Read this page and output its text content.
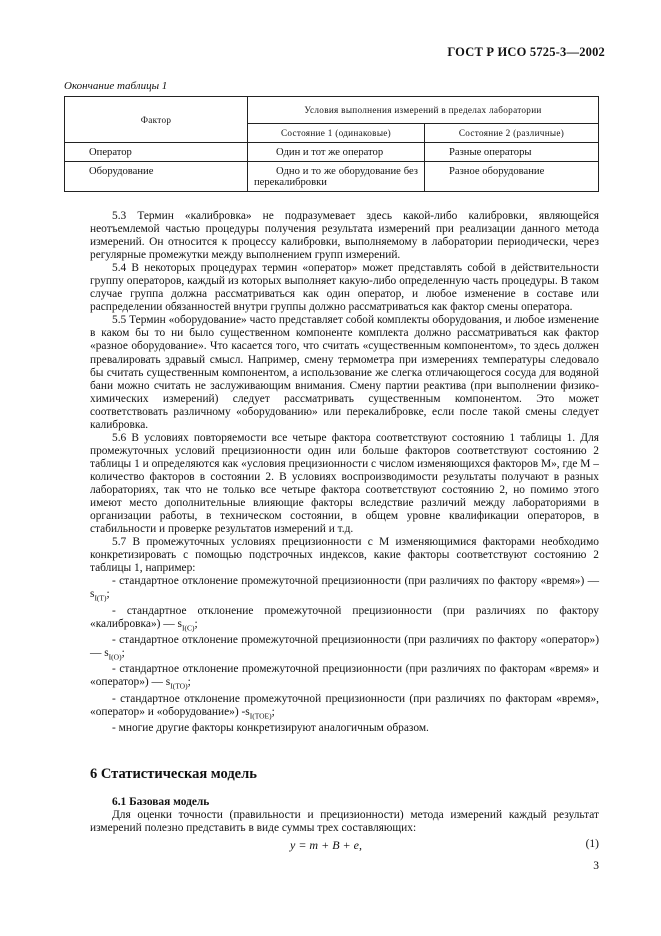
ГОСТ Р ИСО 5725-3—2002
Окончание таблицы 1
Фактор	Условия выполнения измерений в пределах лаборатории	
	Состояние 1 (одинаковые)	Состояние 2 (различные)
Оператор	Один и тот же оператор	Разные операторы
Оборудование	Одно и то же оборудование без перекалибровки	Разное оборудование

5.3 Термин «калибровка» не подразумевает здесь какой-либо калибровки, являющейся неотъемлемой частью процедуры получения результата измерений при реализации данного метода измерений. Он относится к процессу калибровки, выполняемому в лаборатории периодически, через регулярные промежутки между выполнением групп измерений.

5.4 В некоторых процедурах термин «оператор» может представлять собой в действительности группу операторов, каждый из которых выполняет какую-либо определенную часть процедуры. В таком случае группа должна рассматриваться как один оператор, и любое изменение в составе или распределении обязанностей внутри группы должно рассматриваться как фактор смены оператора.

5.5 Термин «оборудование» часто представляет собой комплекты оборудования, и любое изменение в каком бы то ни было существенном компоненте комплекта должно рассматриваться как фактор «разное оборудование». Что касается того, что считать «существенным компонентом», то здесь должен превалировать здравый смысл. Например, смену термометра при измерениях температуры следовало бы считать существенным компонентом, а использование же слегка отличающегося сосуда для водяной бани можно считать не заслуживающим внимания. Смену партии реактива (при выполнении физико-химических измерений) следует рассматривать существенным компонентом. Это может соответствовать различному «оборудованию» или перекалибровке, если после такой смены следует калибровка.

5.6 В условиях повторяемости все четыре фактора соответствуют состоянию 1 таблицы 1. Для промежуточных условий прецизионности один или больше факторов соответствуют состоянию 2 таблицы 1 и определяются как «условия прецизионности с числом изменяющихся факторов М», где М – количество факторов в состоянии 2. В условиях воспроизводимости результаты получают в разных лабораториях, так что не только все четыре фактора соответствуют состоянию 2, но помимо этого имеют место дополнительные влияющие факторы вследствие различий между лабораториями в организации работы, в техническом состоянии, в общем уровне квалификации операторов, в стабильности и проверке результатов измерений и т.д.

5.7 В промежуточных условиях прецизионности с М изменяющимися факторами необходимо конкретизировать с помощью подстрочных индексов, какие факторы соответствуют состоянию 2 таблицы 1, например:

- стандартное отклонение промежуточной прецизионности (при различиях по фактору «время») — $s_{I(T)}$;
- стандартное отклонение промежуточной прецизионности (при различиях по фактору «калибровка») — $s_{I(C)}$;
- стандартное отклонение промежуточной прецизионности (при различиях по фактору «оператор») — $s_{I(O)}$;
- стандартное отклонение промежуточной прецизионности (при различиях по факторам «время» и «оператор») — $s_{I(TO)}$;
- стандартное отклонение промежуточной прецизионности (при различиях по факторам «время», «оператор» и «оборудование») $-s_{I(TOE)}$;
- многие другие факторы конкретизируют аналогичным образом.
6 Статистическая модель
6.1 Базовая модель

Для оценки точности (правильности и прецизионности) метода измерений каждый результат измерений полезно представить в виде суммы трех составляющих:

y = m + B + e,	(1)
3
